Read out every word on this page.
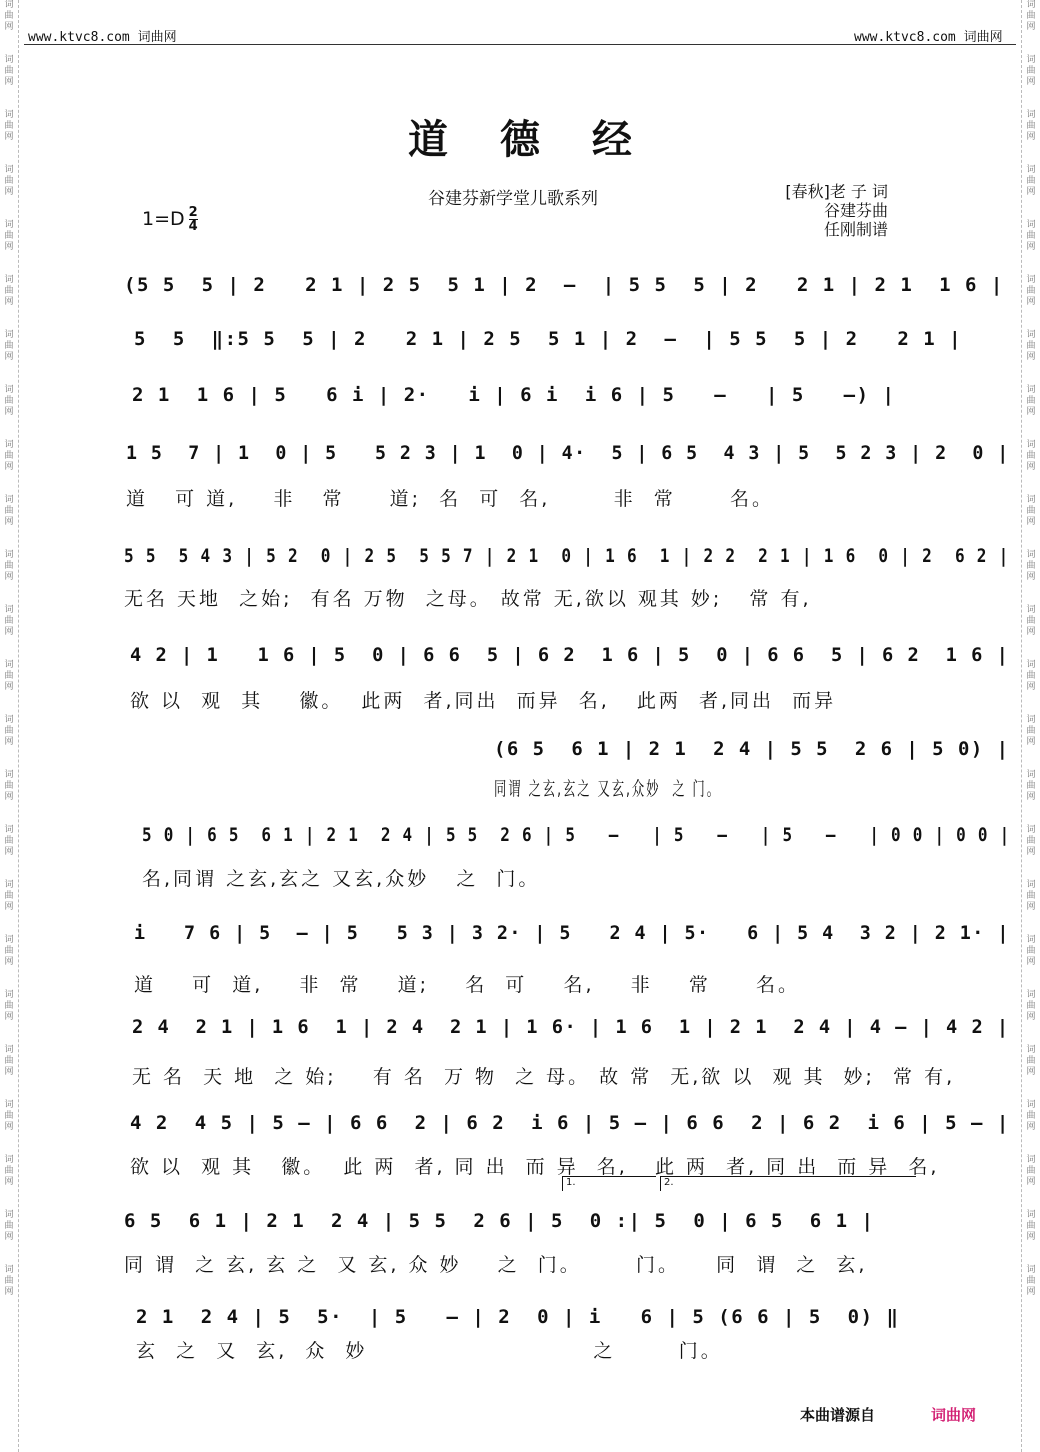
词
曲
网

词
曲
网

词
曲
网

词
曲
网

词
曲
网

词
曲
网

词
曲
网

词
曲
网

词
曲
网

词
曲
网

词
曲
网

词
曲
网

词
曲
网

词
曲
网

词
曲
网

词
曲
网

词
曲
网

词
曲
网

词
曲
网

词
曲
网

词
曲
网

词
曲
网

词
曲
网

词
曲
网
词
曲
网

词
曲
网

词
曲
网

词
曲
网

词
曲
网

词
曲
网

词
曲
网

词
曲
网

词
曲
网

词
曲
网

词
曲
网

词
曲
网

词
曲
网

词
曲
网

词
曲
网

词
曲
网

词
曲
网

词
曲
网

词
曲
网

词
曲
网

词
曲
网

词
曲
网

词
曲
网

词
曲
网
www.ktvc8.com 词曲网	www.ktvc8.com 词曲网
道德经
谷建芬新学堂儿歌系列	[春秋]老 子 词
谷建芬曲
任刚制谱
$1=D \frac{2}{4}$
(5 5  5 | 2   2 1 | 2 5  5 1 | 2  –  | 5 5  5 | 2   2 1 | 2 1  1 6 |
5  5  ‖:5 5  5 | 2   2 1 | 2 5  5 1 | 2  –  | 5 5  5 | 2   2 1 |
2 1  1 6 | 5   6 i | 2·   i | 6 i  i 6 | 5   –   | 5   –) |
1 5  7 | 1  0 | 5   5 2 3 | 1  0 | 4·  5 | 6 5  4 3 | 5  5 2 3 | 2  0 |
道   可 道,    非   常     道;  名  可  名,       非  常      名。
5 5  5 4 3 | 5 2  0 | 2 5  5 5 7 | 2 1  0 | 1 6  1 | 2 2  2 1 | 1 6  0 | 2  6 2 |
无名 天地  之始;  有名 万物  之母。 故常 无,欲以 观其 妙;   常 有,
4 2 | 1   1 6 | 5  0 | 6 6  5 | 6 2  1 6 | 5  0 | 6 6  5 | 6 2  1 6 |
欲 以  观  其    徽。  此两  者,同出  而异  名,   此两  者,同出  而异
(6 5  6 1 | 2 1  2 4 | 5 5  2 6 | 5 0) |
同谓 之玄,玄之 又玄,众妙  之 门。
5 0 | 6 5  6 1 | 2 1  2 4 | 5 5  2 6 | 5   –   | 5   –   | 5   –   | 0 0 | 0 0 |
名,同谓 之玄,玄之 又玄,众妙   之  门。
i   7 6 | 5  – | 5   5 3 | 3 2· | 5   2 4 | 5·   6 | 5 4  3 2 | 2 1· |
道    可  道,    非  常    道;    名  可    名,    非    常     名。
2 4  2 1 | 1 6  1 | 2 4  2 1 | 1 6· | 1 6  1 | 2 1  2 4 | 4 – | 4 2 |
无 名  天 地  之 始;    有 名  万 物  之 母。 故 常  无,欲 以  观 其  妙;  常 有,
4 2  4 5 | 5 – | 6 6  2 | 6 2  i 6 | 5 – | 6 6  2 | 6 2  i 6 | 5 – |
欲 以  观 其   徽。  此 两  者, 同 出  而 异  名,   此 两  者, 同 出  而 异  名,
6 5  6 1 | 2 1  2 4 | 5 5  2 6 | 5  0 :| 5  0 | 6 5  6 1 |
同 谓  之 玄, 玄 之  又 玄, 众 妙    之  门。      门。    同  谓  之  玄,
2 1  2 4 | 5  5·  | 5   – | 2  0 | i   6 | 5 (6 6 | 5  0) ‖
玄  之  又  玄,  众  妙                         之       门。
1.	2.
本曲谱源自	词曲网
